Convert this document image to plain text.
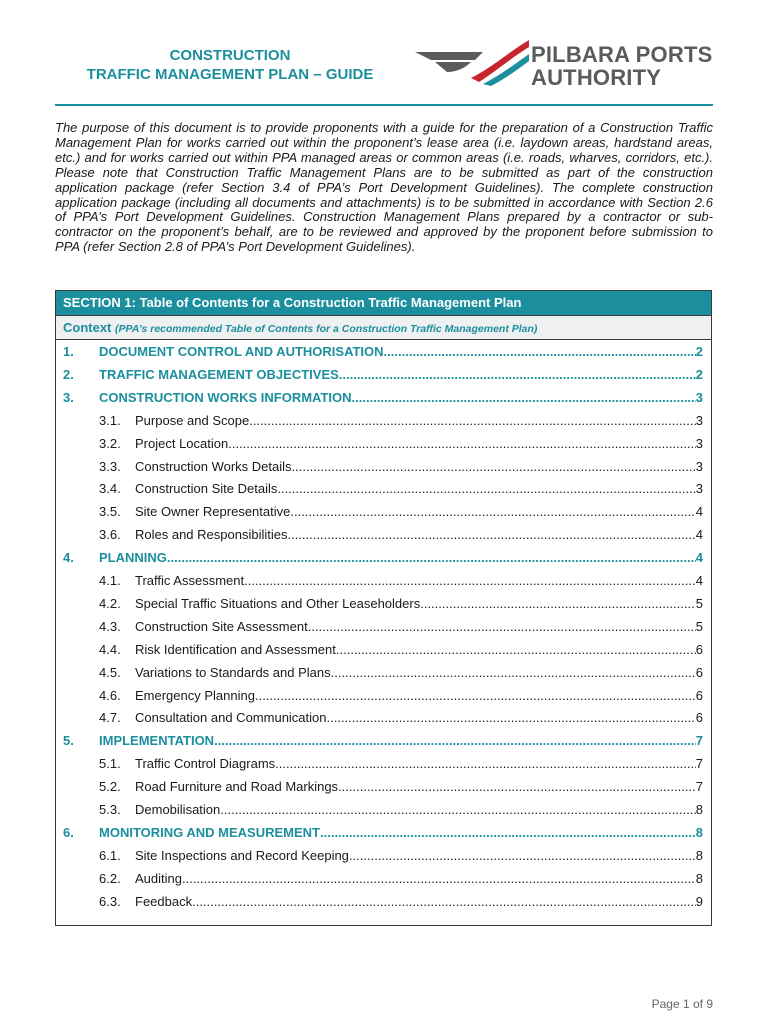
CONSTRUCTION
TRAFFIC MANAGEMENT PLAN – GUIDE
PILBARA PORTS
AUTHORITY
The purpose of this document is to provide proponents with a guide for the preparation of a Construction Traffic Management Plan for works carried out within the proponent’s lease area (i.e. laydown areas, hardstand areas, etc.) and for works carried out within PPA managed areas or common areas (i.e. roads, wharves, corridors, etc.). Please note that Construction Traffic Management Plans are to be submitted as part of the construction application package (refer Section 3.4 of PPA’s Port Development Guidelines). The complete construction application package (including all documents and attachments) is to be submitted in accordance with Section 2.6 of PPA’s Port Development Guidelines. Construction Management Plans prepared by a contractor or sub-contractor on the proponent’s behalf, are to be reviewed and approved by the proponent before submission to PPA (refer Section 2.8 of PPA’s Port Development Guidelines).
SECTION 1: Table of Contents for a Construction Traffic Management Plan
Context (PPA’s recommended Table of Contents for a Construction Traffic Management Plan)
1.	DOCUMENT CONTROL AND AUTHORISATION .....	2
2.	TRAFFIC MANAGEMENT OBJECTIVES .....	2
3.	CONSTRUCTION WORKS INFORMATION .....	3
3.1.	Purpose and Scope .....	3
3.2.	Project Location .....	3
3.3.	Construction Works Details .....	3
3.4.	Construction Site Details .....	3
3.5.	Site Owner Representative .....	4
3.6.	Roles and Responsibilities .....	4
4.	PLANNING .....	4
4.1.	Traffic Assessment .....	4
4.2.	Special Traffic Situations and Other Leaseholders .....	5
4.3.	Construction Site Assessment .....	5
4.4.	Risk Identification and Assessment .....	6
4.5.	Variations to Standards and Plans .....	6
4.6.	Emergency Planning .....	6
4.7.	Consultation and Communication .....	6
5.	IMPLEMENTATION .....	7
5.1.	Traffic Control Diagrams .....	7
5.2.	Road Furniture and Road Markings .....	7
5.3.	Demobilisation .....	8
6.	MONITORING AND MEASUREMENT .....	8
6.1.	Site Inspections and Record Keeping .....	8
6.2.	Auditing .....	8
6.3.	Feedback .....	9
Page 1 of 9
